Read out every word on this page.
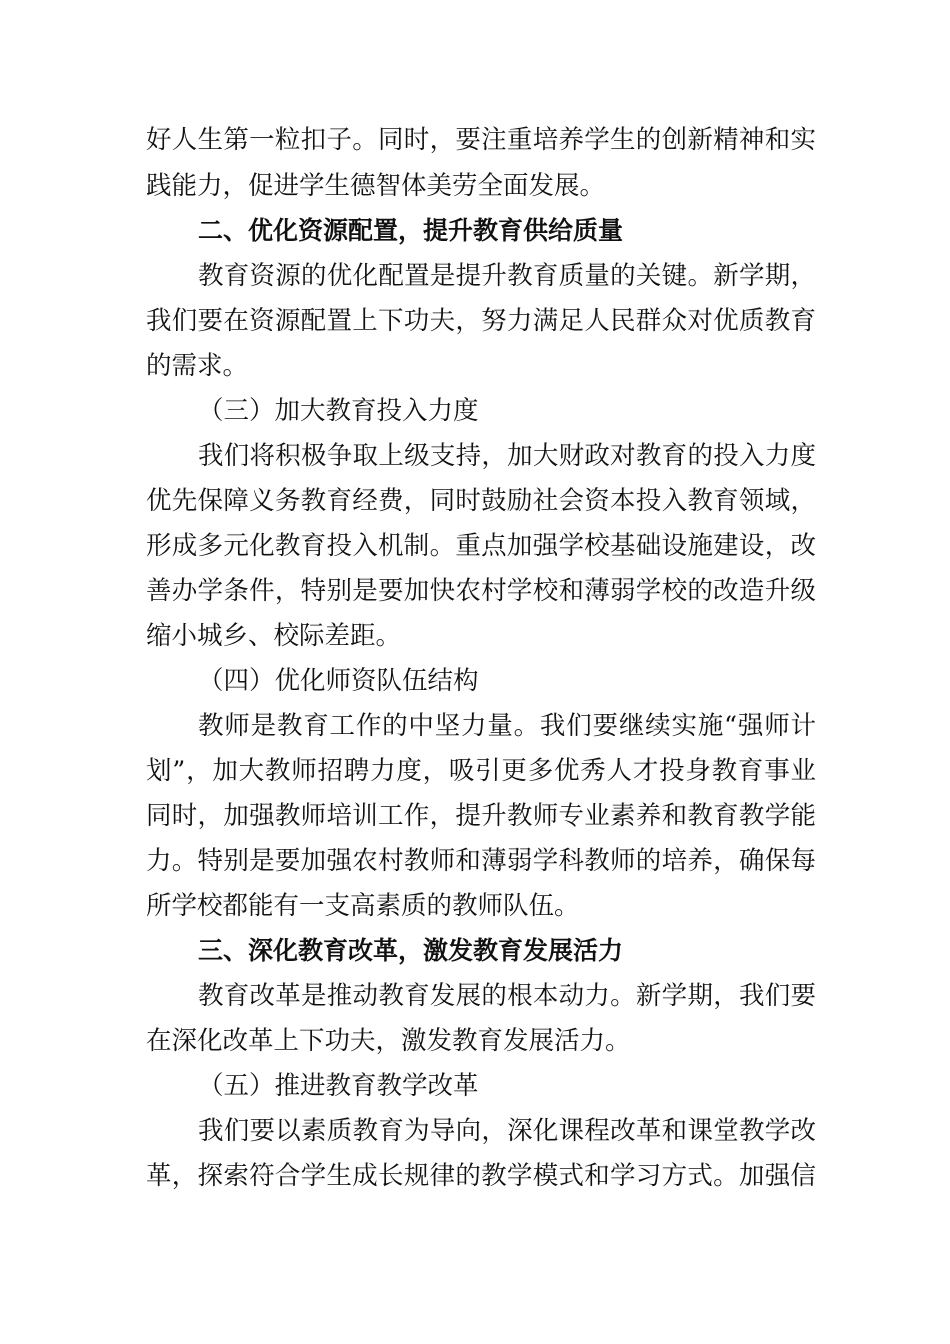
好人生第一粒扣子。同时，要注重培养学生的创新精神和实
践能力，促进学生德智体美劳全面发展。
二、优化资源配置，提升教育供给质量
教育资源的优化配置是提升教育质量的关键。新学期，
我们要在资源配置上下功夫，努力满足人民群众对优质教育
的需求。
（三）加大教育投入力度
我们将积极争取上级支持，加大财政对教育的投入力度
优先保障义务教育经费，同时鼓励社会资本投入教育领域，
形成多元化教育投入机制。重点加强学校基础设施建设，改
善办学条件，特别是要加快农村学校和薄弱学校的改造升级
缩小城乡、校际差距。
（四）优化师资队伍结构
教师是教育工作的中坚力量。我们要继续实施“强师计
划”，加大教师招聘力度，吸引更多优秀人才投身教育事业
同时，加强教师培训工作，提升教师专业素养和教育教学能
力。特别是要加强农村教师和薄弱学科教师的培养，确保每
所学校都能有一支高素质的教师队伍。
三、深化教育改革，激发教育发展活力
教育改革是推动教育发展的根本动力。新学期，我们要
在深化改革上下功夫，激发教育发展活力。
（五）推进教育教学改革
我们要以素质教育为导向，深化课程改革和课堂教学改
革，探索符合学生成长规律的教学模式和学习方式。加强信
